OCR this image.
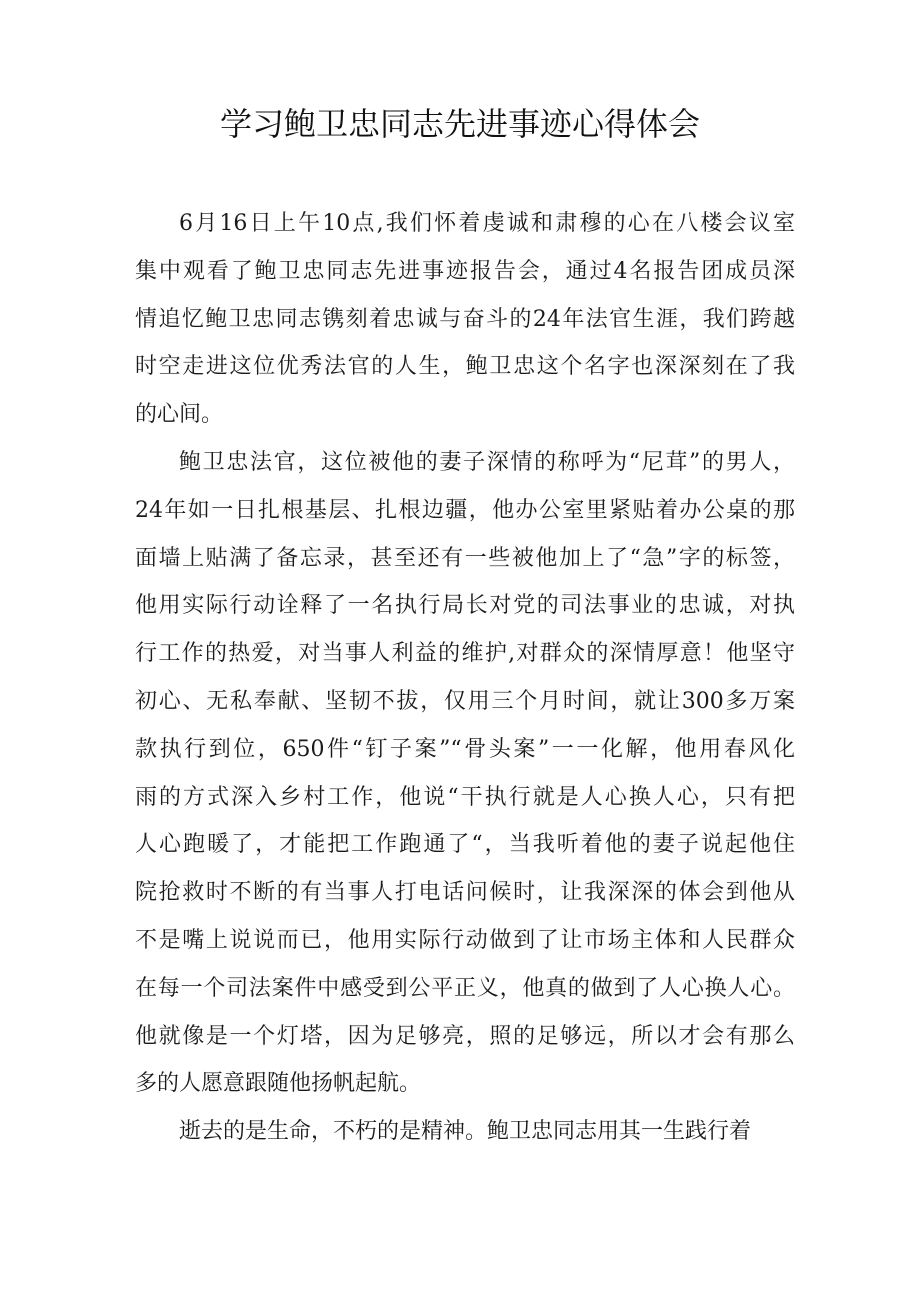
学习鲍卫忠同志先进事迹心得体会
6月16日上午10点,我们怀着虔诚和肃穆的心在八楼会议室
集中观看了鲍卫忠同志先进事迹报告会，通过4名报告团成员深
情追忆鲍卫忠同志镌刻着忠诚与奋斗的24年法官生涯，我们跨越
时空走进这位优秀法官的人生，鲍卫忠这个名字也深深刻在了我
的心间。
鲍卫忠法官，这位被他的妻子深情的称呼为“尼茸”的男人，
24年如一日扎根基层、扎根边疆，他办公室里紧贴着办公桌的那
面墙上贴满了备忘录，甚至还有一些被他加上了“急”字的标签，
他用实际行动诠释了一名执行局长对党的司法事业的忠诚，对执
行工作的热爱，对当事人利益的维护,对群众的深情厚意！他坚守
初心、无私奉献、坚韧不拔，仅用三个月时间，就让300多万案
款执行到位，650件“钉子案”“骨头案”一一化解，他用春风化
雨的方式深入乡村工作，他说“干执行就是人心换人心，只有把
人心跑暖了，才能把工作跑通了“，当我听着他的妻子说起他住
院抢救时不断的有当事人打电话问候时，让我深深的体会到他从
不是嘴上说说而已，他用实际行动做到了让市场主体和人民群众
在每一个司法案件中感受到公平正义，他真的做到了人心换人心。
他就像是一个灯塔，因为足够亮，照的足够远，所以才会有那么
多的人愿意跟随他扬帆起航。
逝去的是生命，不朽的是精神。鲍卫忠同志用其一生践行着
